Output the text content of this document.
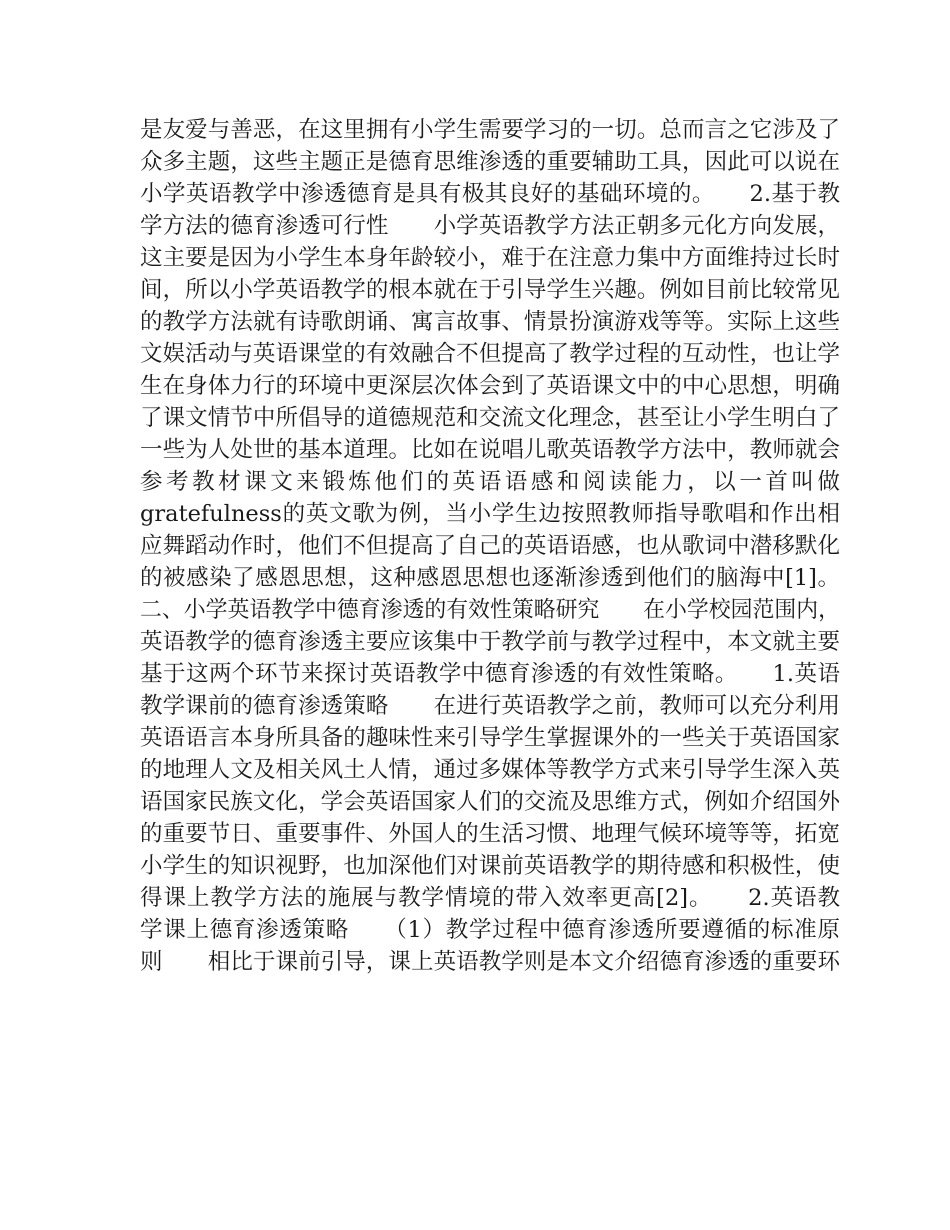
是友爱与善恶，在这里拥有小学生需要学习的一切。总而言之它涉及了
众多主题，这些主题正是德育思维渗透的重要辅助工具，因此可以说在
小学英语教学中渗透德育是具有极其良好的基础环境的。　　2.基于教
学方法的德育渗透可行性　　小学英语教学方法正朝多元化方向发展，
这主要是因为小学生本身年龄较小，难于在注意力集中方面维持过长时
间，所以小学英语教学的根本就在于引导学生兴趣。例如目前比较常见
的教学方法就有诗歌朗诵、寓言故事、情景扮演游戏等等。实际上这些
文娱活动与英语课堂的有效融合不但提高了教学过程的互动性，也让学
生在身体力行的环境中更深层次体会到了英语课文中的中心思想，明确
了课文情节中所倡导的道德规范和交流文化理念，甚至让小学生明白了
一些为人处世的基本道理。比如在说唱儿歌英语教学方法中，教师就会
参考教材课文来锻炼他们的英语语感和阅读能力，以一首叫做
gratefulness的英文歌为例，当小学生边按照教师指导歌唱和作出相
应舞蹈动作时，他们不但提高了自己的英语语感，也从歌词中潜移默化
的被感染了感恩思想，这种感恩思想也逐渐渗透到他们的脑海中[1]。
二、小学英语教学中德育渗透的有效性策略研究　　在小学校园范围内，
英语教学的德育渗透主要应该集中于教学前与教学过程中，本文就主要
基于这两个环节来探讨英语教学中德育渗透的有效性策略。　　1.英语
教学课前的德育渗透策略　　在进行英语教学之前，教师可以充分利用
英语语言本身所具备的趣味性来引导学生掌握课外的一些关于英语国家
的地理人文及相关风土人情，通过多媒体等教学方式来引导学生深入英
语国家民族文化，学会英语国家人们的交流及思维方式，例如介绍国外
的重要节日、重要事件、外国人的生活习惯、地理气候环境等等，拓宽
小学生的知识视野，也加深他们对课前英语教学的期待感和积极性，使
得课上教学方法的施展与教学情境的带入效率更高[2]。　　2.英语教
学课上德育渗透策略　　（1）教学过程中德育渗透所要遵循的标准原
则　　相比于课前引导，课上英语教学则是本文介绍德育渗透的重要环
